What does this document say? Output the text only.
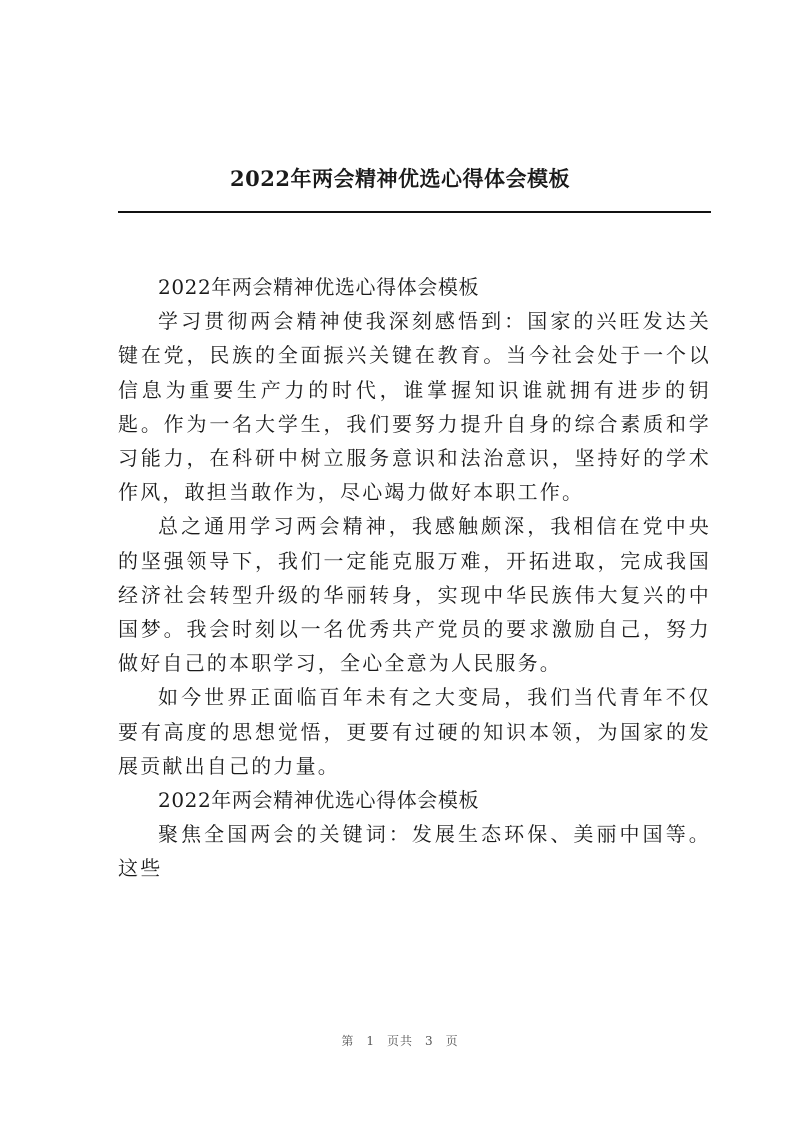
2022年两会精神优选心得体会模板

2022年两会精神优选心得体会模板

学习贯彻两会精神使我深刻感悟到：国家的兴旺发达关键在党，民族的全面振兴关键在教育。当今社会处于一个以信息为重要生产力的时代，谁掌握知识谁就拥有进步的钥匙。作为一名大学生，我们要努力提升自身的综合素质和学习能力，在科研中树立服务意识和法治意识，坚持好的学术作风，敢担当敢作为，尽心竭力做好本职工作。

总之通用学习两会精神，我感触颇深，我相信在党中央的坚强领导下，我们一定能克服万难，开拓进取，完成我国经济社会转型升级的华丽转身，实现中华民族伟大复兴的中国梦。我会时刻以一名优秀共产党员的要求激励自己，努力做好自己的本职学习，全心全意为人民服务。

如今世界正面临百年未有之大变局，我们当代青年不仅要有高度的思想觉悟，更要有过硬的知识本领，为国家的发展贡献出自己的力量。

2022年两会精神优选心得体会模板

聚焦全国两会的关键词：发展生态环保、美丽中国等。这些

第 1 页共 3 页
